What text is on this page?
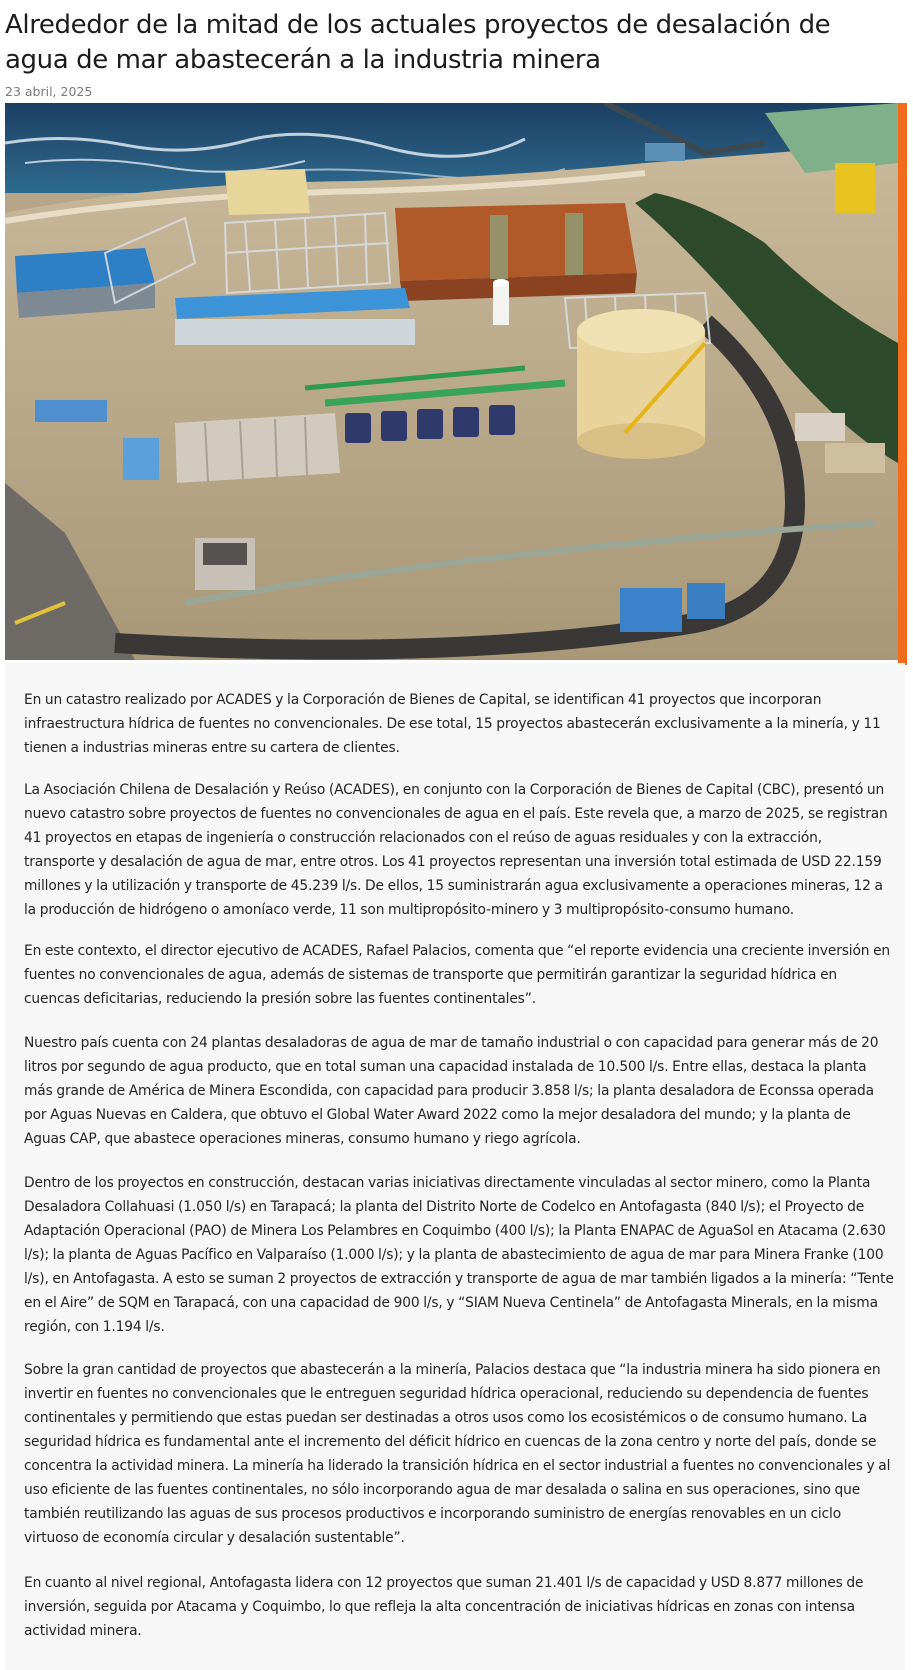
Alrededor de la mitad de los actuales proyectos de desalación de agua de mar abastecerán a la industria minera
23 abril, 2025

En un catastro realizado por ACADES y la Corporación de Bienes de Capital, se identifican 41 proyectos que incorporan infraestructura hídrica de fuentes no convencionales. De ese total, 15 proyectos abastecerán exclusivamente a la minería, y 11 tienen a industrias mineras entre su cartera de clientes.

La Asociación Chilena de Desalación y Reúso (ACADES), en conjunto con la Corporación de Bienes de Capital (CBC), presentó un nuevo catastro sobre proyectos de fuentes no convencionales de agua en el país. Este revela que, a marzo de 2025, se registran 41 proyectos en etapas de ingeniería o construcción relacionados con el reúso de aguas residuales y con la extracción, transporte y desalación de agua de mar, entre otros. Los 41 proyectos representan una inversión total estimada de USD 22.159 millones y la utilización y transporte de 45.239 l/s. De ellos, 15 suministrarán agua exclusivamente a operaciones mineras, 12 a la producción de hidrógeno o amoníaco verde, 11 son multipropósito-minero y 3 multipropósito-consumo humano.

En este contexto, el director ejecutivo de ACADES, Rafael Palacios, comenta que “el reporte evidencia una creciente inversión en fuentes no convencionales de agua, además de sistemas de transporte que permitirán garantizar la seguridad hídrica en cuencas deficitarias, reduciendo la presión sobre las fuentes continentales”.

Nuestro país cuenta con 24 plantas desaladoras de agua de mar de tamaño industrial o con capacidad para generar más de 20 litros por segundo de agua producto, que en total suman una capacidad instalada de 10.500 l/s. Entre ellas, destaca la planta más grande de América de Minera Escondida, con capacidad para producir 3.858 l/s; la planta desaladora de Econssa operada por Aguas Nuevas en Caldera, que obtuvo el Global Water Award 2022 como la mejor desaladora del mundo; y la planta de Aguas CAP, que abastece operaciones mineras, consumo humano y riego agrícola.

Dentro de los proyectos en construcción, destacan varias iniciativas directamente vinculadas al sector minero, como la Planta Desaladora Collahuasi (1.050 l/s) en Tarapacá; la planta del Distrito Norte de Codelco en Antofagasta (840 l/s); el Proyecto de Adaptación Operacional (PAO) de Minera Los Pelambres en Coquimbo (400 l/s); la Planta ENAPAC de AguaSol en Atacama (2.630 l/s); la planta de Aguas Pacífico en Valparaíso (1.000 l/s); y la planta de abastecimiento de agua de mar para Minera Franke (100 l/s), en Antofagasta. A esto se suman 2 proyectos de extracción y transporte de agua de mar también ligados a la minería: “Tente en el Aire” de SQM en Tarapacá, con una capacidad de 900 l/s, y “SIAM Nueva Centinela” de Antofagasta Minerals, en la misma región, con 1.194 l/s.

Sobre la gran cantidad de proyectos que abastecerán a la minería, Palacios destaca que “la industria minera ha sido pionera en invertir en fuentes no convencionales que le entreguen seguridad hídrica operacional, reduciendo su dependencia de fuentes continentales y permitiendo que estas puedan ser destinadas a otros usos como los ecosistémicos o de consumo humano. La seguridad hídrica es fundamental ante el incremento del déficit hídrico en cuencas de la zona centro y norte del país, donde se concentra la actividad minera. La minería ha liderado la transición hídrica en el sector industrial a fuentes no convencionales y al uso eficiente de las fuentes continentales, no sólo incorporando agua de mar desalada o salina en sus operaciones, sino que también reutilizando las aguas de sus procesos productivos e incorporando suministro de energías renovables en un ciclo virtuoso de economía circular y desalación sustentable”.

En cuanto al nivel regional, Antofagasta lidera con 12 proyectos que suman 21.401 l/s de capacidad y USD 8.877 millones de inversión, seguida por Atacama y Coquimbo, lo que refleja la alta concentración de iniciativas hídricas en zonas con intensa actividad minera.
